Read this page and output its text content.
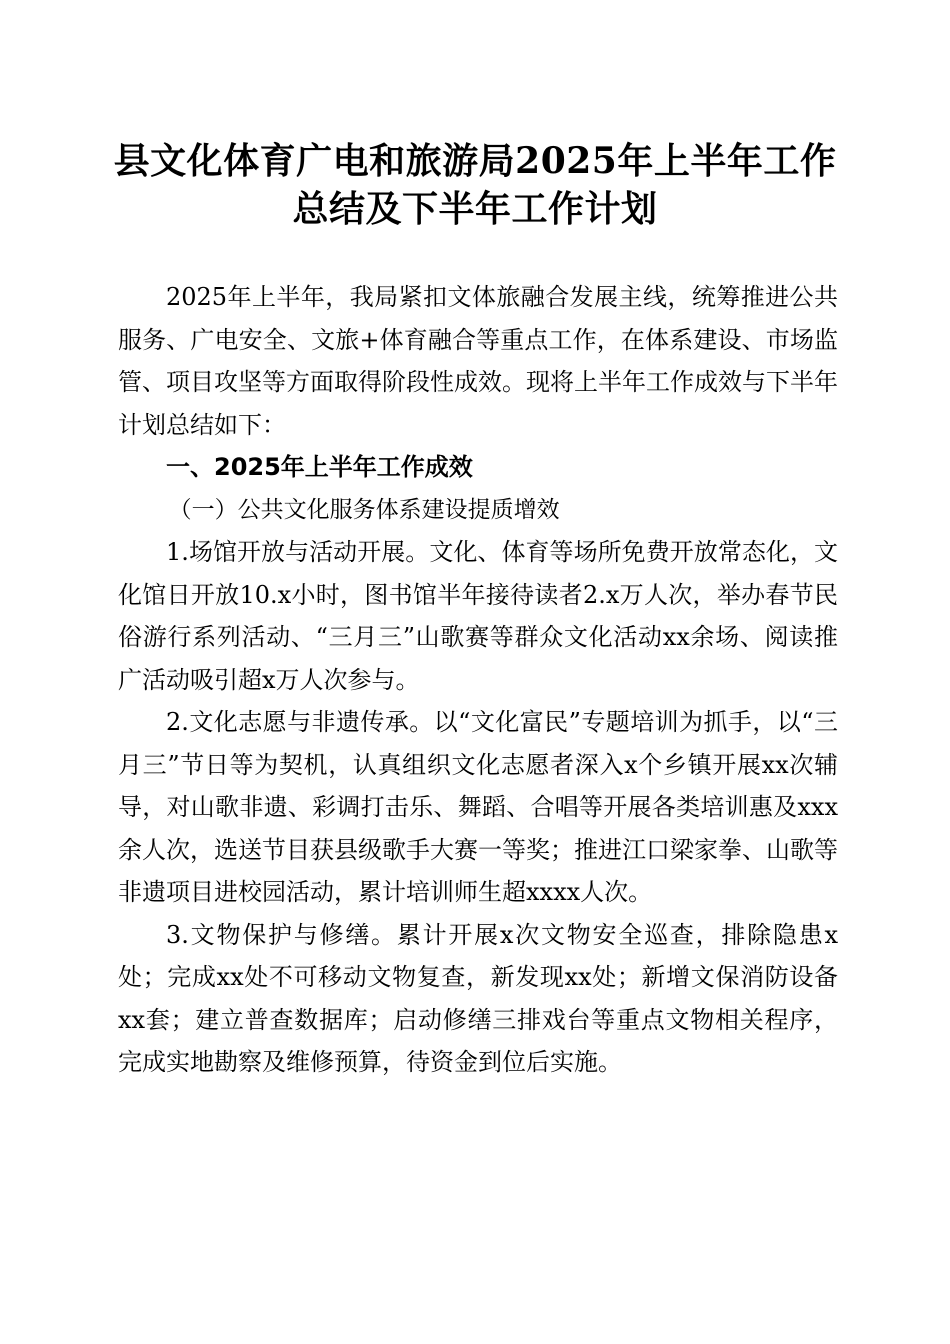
县文化体育广电和旅游局2025年上半年工作
总结及下半年工作计划

2025年上半年，我局紧扣文体旅融合发展主线，统筹推进公共服务、广电安全、文旅+体育融合等重点工作，在体系建设、市场监管、项目攻坚等方面取得阶段性成效。现将上半年工作成效与下半年计划总结如下：

一、2025年上半年工作成效

（一）公共文化服务体系建设提质增效

1.场馆开放与活动开展。文化、体育等场所免费开放常态化，文化馆日开放10.x小时，图书馆半年接待读者2.x万人次，举办春节民俗游行系列活动、“三月三”山歌赛等群众文化活动xx余场、阅读推广活动吸引超x万人次参与。

2.文化志愿与非遗传承。以“文化富民”专题培训为抓手，以“三月三”节日等为契机，认真组织文化志愿者深入x个乡镇开展xx次辅导，对山歌非遗、彩调打击乐、舞蹈、合唱等开展各类培训惠及xxx余人次，选送节目获县级歌手大赛一等奖；推进江口梁家拳、山歌等非遗项目进校园活动，累计培训师生超xxxx人次。

3.文物保护与修缮。累计开展x次文物安全巡查，排除隐患x处；完成xx处不可移动文物复查，新发现xx处；新增文保消防设备xx套；建立普查数据库；启动修缮三排戏台等重点文物相关程序，完成实地勘察及维修预算，待资金到位后实施。
